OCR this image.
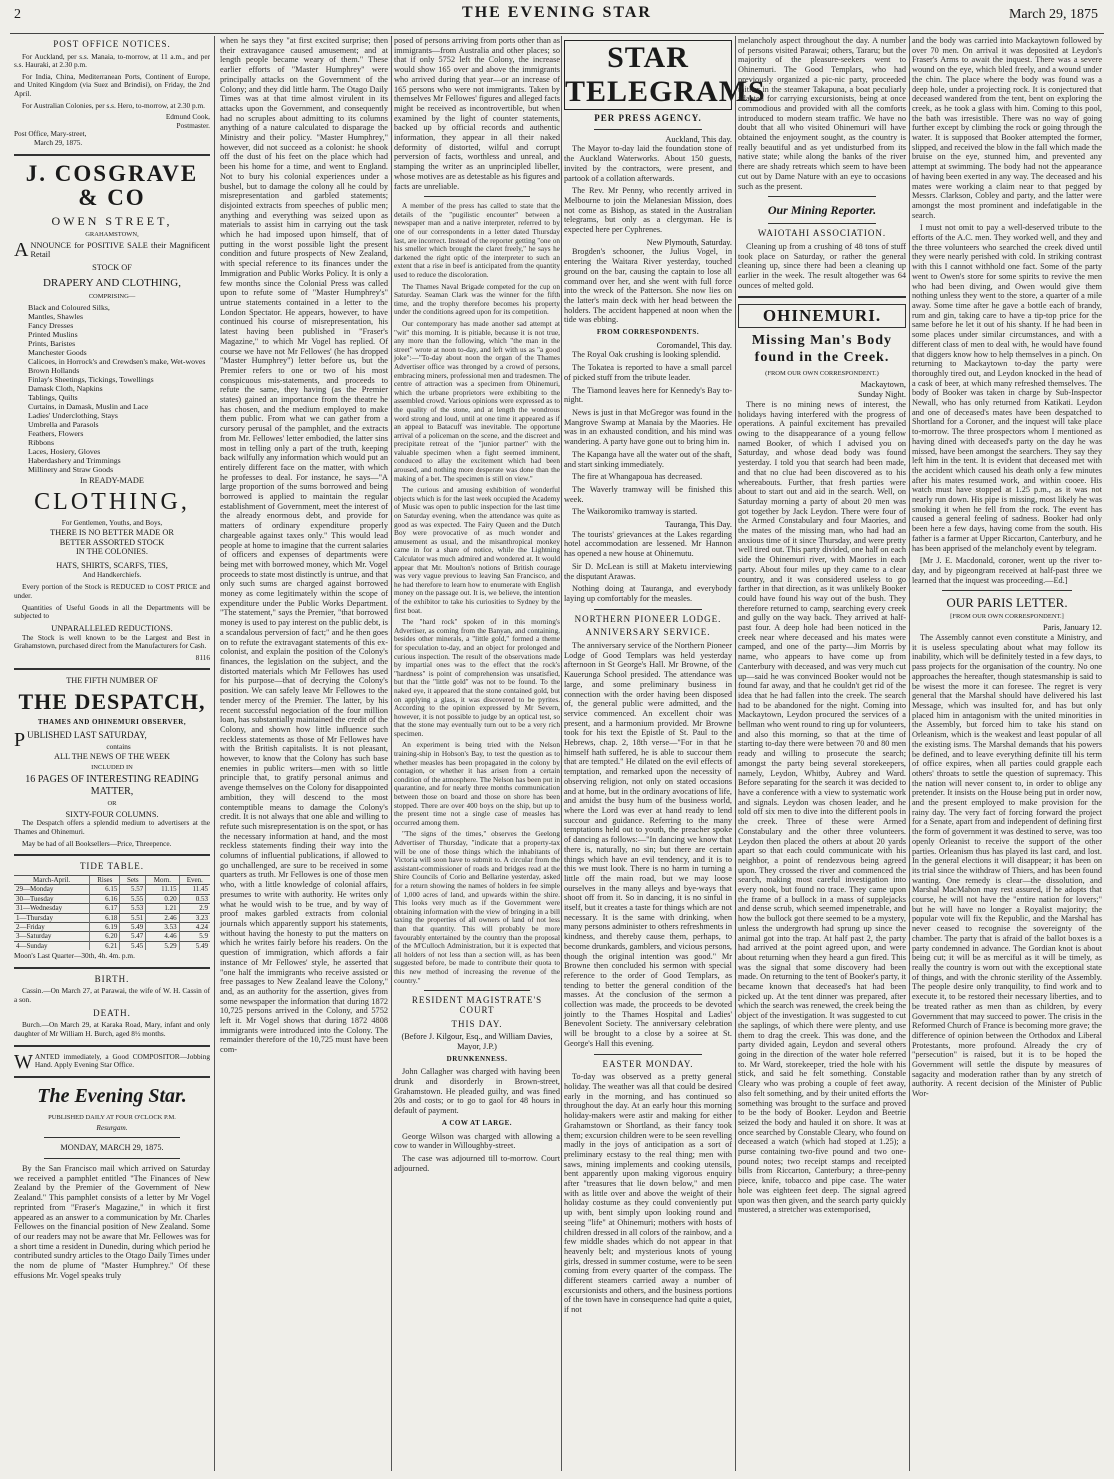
2	THE EVENING STAR	March 29, 1875
POST OFFICE NOTICES.

For Auckland, per s.s. Manaia, to-morrow, at 11 a.m., and per s.s. Hauraki, at 2.30 p.m.

For India, China, Mediterranean Ports, Continent of Europe, and United Kingdom (via Suez and Brindisi), on Friday, the 2nd April.

For Australian Colonies, per s.s. Hero, to-morrow, at 2.30 p.m.

Edmund Cook,
Postmaster.
Post Office, Mary-street,
March 29, 1875.
J. COSGRAVE & CO
OWEN STREET,
GRAHAMSTOWN,

ANNOUNCE for POSITIVE SALE their Magnificent Retail

STOCK OF
DRAPERY AND CLOTHING,
COMPRISING—
Black and Coloured Silks,
Mantles, Shawles
Fancy Dresses
Printed Muslins
Prints, Baristes
Manchester Goods
Calicoes, in Horrock's and Crewdsen's make, Wet-woves
Brown Hollands
Finlay's Sheetings, Tickings, Towellings
Damask Cloth, Napkins
Tablings, Quilts
Curtains, in Damask, Muslin and Lace
Ladies' Underclothing, Stays
Umbrella and Parasols
Feathers, Flowers
Ribbons
Laces, Hosiery, Gloves
Haberdashery and Trimmings
Millinery and Straw Goods
In READY-MADE
CLOTHING,
For Gentlemen, Youths, and Boys,
THERE IS NO BETTER MADE OR
BETTER ASSORTED STOCK
IN THE COLONIES.
HATS, SHIRTS, SCARFS, TIES,
And Handkerchiefs.

Every portion of the Stock is REDUCED to COST PRICE and under.

Quantities of Useful Goods in all the Departments will be subjected to

UNPARALLELED REDUCTIONS.

The Stock is well known to be the Largest and Best in Grahamstown, purchased direct from the Manufacturers for Cash.

8116
THE FIFTH NUMBER OF
THE DESPATCH,
THAMES AND OHINEMURI OBSERVER,

PUBLISHED LAST SATURDAY,

contains
ALL THE NEWS OF THE WEEK
INCLUDED IN
16 PAGES OF INTERESTING READING MATTER,
OR
SIXTY-FOUR COLUMNS.

The Despatch offers a splendid medium to advertisers at the Thames and Ohinemuri.

May be had of all Booksellers—Price, Threepence.

TIDE TABLE.
March-April.	Rises	Sets	Morn.	Even.
29—Monday	6.15	5.57	11.15	11.45
30—Tuesday	6.16	5.55	0.20	0.53
31—Wednesday	6.17	5.53	1.21	2.9
1—Thursday	6.18	5.51	2.46	3.23
2—Friday	6.19	5.49	3.53	4.24
3—Saturday	6.20	5.47	4.46	5.9
4—Sunday	6.21	5.45	5.29	5.49
Moon's Last Quarter—30th, 4h. 4m. p.m.
BIRTH.

Cassin.—On March 27, at Parawai, the wife of W. H. Cassin of a son.

DEATH.

Burch.—On March 29, at Karaka Road, Mary, infant and only daughter of Mr William H. Burch, aged 8½ months.

WANTED immediately, a Good COMPOSITOR—Jobbing Hand. Apply Evening Star Office.

The Evening Star.
PUBLISHED DAILY AT FOUR O'CLOCK P.M.
Resurgam.
MONDAY, MARCH 29, 1875.

By the San Francisco mail which arrived on Saturday we received a pamphlet entitled "The Finances of New Zealand by the Premier of the Government of New Zealand." This pamphlet consists of a letter by Mr Vogel reprinted from "Fraser's Magazine," in which it first appeared as an answer to a communication by Mr. Charles Fellowes on the financial position of New Zealand. Some of our readers may not be aware that Mr. Fellowes was for a short time a resident in Dunedin, during which period he contributed sundry articles to the Otago Daily Times under the nom de plume of "Master Humphrey." Of these effusions Mr. Vogel speaks truly

when he says they "at first excited surprise; then their extravagance caused amusement; and at length people became weary of them." These earlier efforts of "Master Humphrey" were principally attacks on the Government of the Colony; and they did little harm. The Otago Daily Times was at that time almost virulent in its attacks upon the Government, and consequently had no scruples about admitting to its columns anything of a nature calculated to disparage the Ministry and their policy. "Master Humphrey," however, did not succeed as a colonist: he shook off the dust of his feet on the place which had been his home for a time, and went to England. Not to bury his colonial experiences under a bushel, but to damage the colony all he could by misrepresentation and garbled statements; disjointed extracts from speeches of public men; anything and everything was seized upon as materials to assist him in carrying out the task which he had imposed upon himself, that of putting in the worst possible light the present condition and future prospects of New Zealand, with special reference to its finances under the Immigration and Public Works Policy. It is only a few months since the Colonial Press was called upon to refute some of "Master Humphrey's" untrue statements contained in a letter to the London Spectator. He appears, however, to have continued his course of misrepresentation, his latest having been published in "Fraser's Magazine," to which Mr Vogel has replied. Of course we have not Mr Fellowes' (he has dropped "Master Humphrey") letter before us, but the Premier refers to one or two of his most conspicuous mis-statements, and proceeds to refute the same, they having (as the Premier states) gained an importance from the theatre he has chosen, and the medium employed to make them public. From what we can gather from a cursory perusal of the pamphlet, and the extracts from Mr. Fellowes' letter embodied, the latter sins most in telling only a part of the truth, keeping back wilfully any information which would put an entirely different face on the matter, with which he professes to deal. For instance, he says—"A large proportion of the sums borrowed and being borrowed is applied to maintain the regular establishment of Government, meet the interest of the already enormous debt, and provide for matters of ordinary expenditure properly chargeable against taxes only." This would lead people at home to imagine that the current salaries of officers and expenses of departments were being met with borrowed money, which Mr. Vogel proceeds to state most distinctly is untrue, and that only such sums are charged against borrowed money as come legitimately within the scope of expenditure under the Public Works Department. "The statement," says the Premier, "that borrowed money is used to pay interest on the public debt, is a scandalous perversion of fact;" and he then goes on to refute the extravagant statements of this ex-colonist, and explain the position of the Colony's finances, the legislation on the subject, and the distorted materials which Mr Fellowes has used for his purpose—that of decrying the Colony's position. We can safely leave Mr Fellowes to the tender mercy of the Premier. The latter, by his recent successful negociation of the four million loan, has substantially maintained the credit of the Colony, and shown how little influence such reckless statements as those of Mr Fellowes have with the British capitalists. It is not pleasant, however, to know that the Colony has such base enemies in public writers—men with so little principle that, to gratify personal animus and avenge themselves on the Colony for disappointed ambition, they will descend to the most contemptible means to damage the Colony's credit. It is not always that one able and willing to refute such misrepresentation is on the spot, or has the necessary information at hand, and the most reckless statements finding their way into the columns of influential publications, if allowed to go unchallenged, are sure to be received in some quarters as truth. Mr Fellowes is one of those men who, with a little knowledge of colonial affairs, presumes to write with authority. He writes only what he would wish to be true, and by way of proof makes garbled extracts from colonial journals which apparently support his statements, without having the honesty to put the matters on which he writes fairly before his readers. On the question of immigration, which affords a fair instance of Mr Fellowes' style, he asserted that "one half the immigrants who receive assisted or free passages to New Zealand leave the Colony," and, as an authority for the assertion, gives from some newspaper the information that during 1872 10,725 persons arrived in the Colony, and 5752 left it. Mr Vogel shows that during 1872 4808 immigrants were introduced into the Colony. The remainder therefore of the 10,725 must have been com-

posed of persons arriving from ports other than as immigrants—from Australia and other places; so that if only 5752 left the Colony, the increase would show 165 over and above the immigrants who arrived during that year—or an increase of 165 persons who were not immigrants. Taken by themselves Mr Fellowes' figures and alleged facts might be received as incontrovertible, but when examined by the light of counter statements, backed up by official records and authentic information, they appear in all their naked deformity of distorted, wilful and corrupt perversion of facts, worthless and unreal, and stamping the writer as an unprincipled libeller, whose motives are as detestable as his figures and facts are unreliable.

A member of the press has called to state that the details of the "pugilistic encounter" between a newspaper man and a native interpreter, referred to by one of our correspondents in a letter dated Thursday last, are incorrect. Instead of the reporter getting "one on his smeller which brought the claret freely," he says he darkened the right optic of the interpreter to such an extent that a rise in beef is anticipated from the quantity used to reduce the discoloration.

The Thames Naval Brigade competed for the cup on Saturday. Seaman Clark was the winner for the fifth time, and the trophy therefore becomes his property under the conditions agreed upon for its competition.

Our contemporary has made another sad attempt at "wit" this morning. It is pitiable, because it is not true, any more than the following, which "the man in the street" wrote at noon to-day, and left with us as "a good joke":—"To-day about noon the organ of the Thames Advertiser office was thronged by a crowd of persons, embracing miners, professional men and tradesmen. The centre of attraction was a specimen from Ohinemuri, which the urbane proprietors were exhibiting to the assembled crowd. Various opinions were expressed as to the quality of the stone, and at length the wondrous word strong and loud, until at one time it appeared as if an appeal to Batacuff was inevitable. The opportune arrival of a policeman on the scene, and the discreet and precipitate retreat of the "junior partner" with the valuable specimen when a fight seemed imminent, conduced to allay the excitement which had been aroused, and nothing more desperate was done than the making of a bet. The specimen is still on view."

The curious and amusing exhibition of wonderful objects which is for the last week occupied the Academy of Music was open to public inspection for the last time on Saturday evening, when the attendance was quite as good as was expected. The Fairy Queen and the Dutch Boy were provocative of as much wonder and amusement as usual, and the misanthropical monkey came in for a share of notice, while the Lightning Calculator was much admired and wondered at. It would appear that Mr. Moulton's notions of British courage was very vague previous to leaving San Francisco, and he had therefore to learn how to enumerate with English money on the passage out. It is, we believe, the intention of the exhibitor to take his curiosities to Sydney by the first boat.

The "hard rock" spoken of in this morning's Advertiser, as coming from the Banyan, and containing, besides other minerals, a "little gold," formed a theme for speculation to-day, and an object for prolonged and curious inspection. The result of the observations made by impartial ones was to the effect that the rock's "hardness" is point of comprehension was unsatisfied, but that the "little gold" was not to be found. To the naked eye, it appeared that the stone contained gold, but on applying a glass, it was discovered to be pyrites. According to the opinion expressed by Mr Severn, however, it is not possible to judge by an optical test, so that the stone may eventually turn out to be a very rich specimen.

An experiment is being tried with the Nelson training-ship in Hobson's Bay, to test the question as to whether measles has been propagated in the colony by contagion, or whether it has arisen from a certain condition of the atmosphere. The Nelson has been put in quarantine, and for nearly three months communication between those on board and those on shore has been stopped. There are over 400 boys on the ship, but up to the present time not a single case of measles has occurred among them.

"The signs of the times," observes the Geelong Advertiser of Thursday, "indicate that a property-tax will be one of those things which the inhabitants of Victoria will soon have to submit to. A circular from the assistant-commissioner of roads and bridges read at the Shire Councils of Corio and Bellarine yesterday, asked for a return showing the names of holders in fee simple of 1,000 acres of land, and upwards within the shire. This looks very much as if the Government were obtaining information with the view of bringing in a bill taxing the properties of all owners of land of not less than that quantity. This will probably be more favourably entertained by the country than the proposal of the M'Culloch Administration, but it is expected that all holders of not less than a section will, as has been suggested before, be made to contribute their quota to this new method of increasing the revenue of the country."

RESIDENT MAGISTRATE'S COURT
THIS DAY.
(Before J. Kilgour, Esq., and William Davies, Mayor, J.P.)
DRUNKENNESS.

John Callagher was charged with having been drunk and disorderly in Brown-street, Grahamstown. He pleaded guilty, and was fined 20s and costs; or to go to gaol for 48 hours in default of payment.

A COW AT LARGE.

George Wilson was charged with allowing a cow to wander in Willoughby-street.

The case was adjourned till to-morrow. Court adjourned.

STAR TELEGRAMS
PER PRESS AGENCY.
Auckland, This day.

The Mayor to-day laid the foundation stone of the Auckland Waterworks. About 150 guests, invited by the contractors, were present, and partook of a collation afterwards.

The Rev. Mr Penny, who recently arrived in Melbourne to join the Melanesian Mission, does not come as Bishop, as stated in the Australian telegrams, but only as a clergyman. He is expected here per Cyphrenes.

New Plymouth, Saturday.

Brogden's schooner, the Julius Vogel, in entering the Waitara River yesterday, touched ground on the bar, causing the captain to lose all command over her, and she went with full force into the wreck of the Patterson. She now lies on the latter's main deck with her head between the holders. The accident happened at noon when the tide was ebbing.

FROM CORRESPONDENTS.
Coromandel, This day.

The Royal Oak crushing is looking splendid.

The Tokatea is reported to have a small parcel of picked stuff from the tribute leader.

The Tiamond leaves here for Kennedy's Bay to-night.

News is just in that McGregor was found in the Mangrove Swamp at Manaia by the Maories. He was in an exhausted condition, and his mind was wandering. A party have gone out to bring him in.

The Kapanga have all the water out of the shaft, and start sinking immediately.

The fire at Whangapoua has decreased.

The Waverly tramway will be finished this week.

The Waikoromiko tramway is started.

Tauranga, This Day.

The tourists' grievances at the Lakes regarding hotel accommodation are lessened. Mr Hannon has opened a new house at Ohinemutu.

Sir D. McLean is still at Maketu interviewing the disputant Arawas.

Nothing doing at Tauranga, and everybody laying up comfortably for the measles.

NORTHERN PIONEER LODGE.
ANNIVERSARY SERVICE.

The anniversary service of the Northern Pioneer Lodge of Good Templars was held yesterday afternoon in St George's Hall. Mr Browne, of the Kauerunga School presided. The attendance was large, and some preliminary business in connection with the order having been disposed of, the general public were admitted, and the service commenced. An excellent choir was present, and a harmonium provided. Mr Browne took for his text the Epistle of St. Paul to the Hebrews, chap. 2, 18th verse—"For in that he himself hath suffered, he is able to succour them that are tempted." He dilated on the evil effects of temptation, and remarked upon the necessity of observing religion, not only on stated occasions and at home, but in the ordinary avocations of life, and amidst the busy hum of the business world, where the Lord was ever at hand ready to lend succour and guidance. Referring to the many temptations held out to youth, the preacher spoke of dancing as follows:—"In dancing we know that there is, naturally, no sin; but there are certain things which have an evil tendency, and it is to this we must look. There is no harm in turning a little off the main road, but we may loose ourselves in the many alleys and bye-ways that shoot off from it. So in dancing, it is no sinful in itself, but it creates a taste for things which are not necessary. It is the same with drinking, when many persons administer to others refreshments in kindness, and thereby cause them, perhaps, to become drunkards, gamblers, and vicious persons, though the original intention was good." Mr Browne then concluded his sermon with special reference to the order of Good Templars, as tending to better the general condition of the masses. At the conclusion of the sermon a collection was made, the proceeds to be devoted jointly to the Thames Hospital and Ladies' Benevolent Society. The anniversary celebration will be brought to a close by a soiree at St. George's Hall this evening.

EASTER MONDAY.

To-day was observed as a pretty general holiday. The weather was all that could be desired early in the morning, and has continued so throughout the day. At an early hour this morning holiday-makers were astir and making for either Grahamstown or Shortland, as their fancy took them; excursion children were to be seen revelling madly in the joys of anticipation as a sort of preliminary ecstasy to the real thing; men with saws, mining implements and cooking utensils, bent apparently upon making vigorous enquiry after "treasures that lie down below," and men with as little over and above the weight of their holiday costume as they could conveniently put up with, bent simply upon looking round and seeing "life" at Ohinemuri; mothers with hosts of children dressed in all colors of the rainbow, and a few middle shades which do not appear in that heavenly belt; and mysterious knots of young girls, dressed in summer costume, were to be seen coming from every quarter of the compass. The different steamers carried away a number of excursionists and others, and the business portions of the town have in consequence had quite a quiet, if not

melancholy aspect throughout the day. A number of persons visited Parawai; others, Tararu; but the majority of the pleasure-seekers went to Ohinemuri. The Good Templars, who had previously organized a pic-nic party, proceeded thither in the steamer Takapuna, a boat peculiarly adapted for carrying excursionists, being at once commodious and provided with all the comforts introduced to modern steam traffic. We have no doubt that all who visited Ohinemuri will have obtained the enjoyment sought, as the country is really beautiful and as yet undisturbed from its native state; while along the banks of the river there are shady retreats which seem to have been cut out by Dame Nature with an eye to occasions such as the present.

Our Mining Reporter.
WAIOTAHI ASSOCIATION.

Cleaning up from a crushing of 48 tons of stuff took place on Saturday, or rather the general cleaning up, since there had been a cleaning up earlier in the week. The result altogether was 64 ounces of melted gold.

OHINEMURI.
Missing Man's Body found in the Creek.
(FROM OUR OWN CORRESPONDENT.)
Mackaytown,
Sunday Night.

There is no mining news of interest, the holidays having interfered with the progress of operations. A painful excitement has prevailed owing to the disappearance of a young fellow named Booker, of which I advised you on Saturday, and whose dead body was found yesterday. I told you that search had been made, and that no clue had been discovered as to his whereabouts. Further, that fresh parties were about to start out and aid in the search. Well, on Saturday morning a party of about 20 men was got together by Jack Leydon. There were four of the Armed Constabulary and four Maories, and the mates of the missing man, who had had an anxious time of it since Thursday, and were pretty well tired out. This party divided, one half on each side the Ohinemuri river, with Maories in each party. About four miles up they came to a clear country, and it was considered useless to go farther in that direction, as it was unlikely Booker could have found his way out of the bush. They therefore returned to camp, searching every creek and gully on the way back. They arrived at half-past four. A deep hole had been noticed in the creek near where deceased and his mates were camped, and one of the party—Jim Morris by name, who appears to have come up from Canterbury with deceased, and was very much cut up—said he was convinced Booker would not be found far away, and that he couldn't get rid of the idea that he had fallen into the creek. The search had to be abandoned for the night. Coming into Mackaytown, Leydon procured the services of a bellman who went round to ring up for volunteers, and also this morning, so that at the time of starting to-day there were between 70 and 80 men ready and willing to prosecute the search; amongst the party being several storekeepers, namely, Leydon, Whitby, Aubrey and Ward. Before separating for the search it was decided to have a conference with a view to systematic work and signals. Leydon was chosen leader, and he told off six men to dive into the different pools in the creek. Three of these were Armed Constabulary and the other three volunteers. Leydon then placed the others at about 20 yards apart so that each could communicate with his neighbor, a point of rendezvous being agreed upon. They crossed the river and commenced the search, making most careful investigation into every nook, but found no trace. They came upon the frame of a bullock in a mass of supplejacks and dense scrub, which seemed impenetrable, and how the bullock got there seemed to be a mystery, unless the undergrowth had sprung up since the animal got into the trap. At half past 2, the party had arrived at the point agreed upon, and were about returning when they heard a gun fired. This was the signal that some discovery had been made. On returning to the tent of Booker's party, it became known that deceased's hat had been picked up. At the tent dinner was prepared, after which the search was renewed, the creek being the object of the investigation. It was suggested to cut the saplings, of which there were plenty, and use them to drag the creek. This was done, and the party divided again, Leydon and several others going in the direction of the water hole referred to. Mr Ward, storekeeper, tried the hole with his stick, and said he felt something. Constable Cleary who was probing a couple of feet away, also felt something, and by their united efforts the something was brought to the surface and proved to be the body of Booker. Leydon and Beetrie seized the body and hauled it on shore. It was at once searched by Constable Cleary, who found on deceased a watch (which had stoped at 1.25); a purse containing two-five pound and two one-pound notes; two receipt stamps and receipted bills from Riccarton, Canterbury; a three-penny piece, knife, tobacco and pipe case. The water hole was eighteen feet deep. The signal agreed upon was then given, and the search party quickly mustered, a stretcher was extemporised,

and the body was carried into Mackaytown followed by over 70 men. On arrival it was deposited at Leydon's Fraser's Arms to await the inquest. There was a severe wound on the eye, which bled freely, and a wound under the chin. The place where the body was found was a deep hole, under a projecting rock. It is conjectured that deceased wandered from the tent, bent on exploring the creek, as he took a glass with him. Coming to this pool, the bath was irresistible. There was no way of going further except by climbing the rock or going through the water. It is supposed that Booker attempted the former, slipped, and received the blow in the fall which made the bruise on the eye, stunned him, and prevented any attempt at swimming. The body had not the appearance of having been exerted in any way. The deceased and his mates were working a claim near to that pegged by Messrs. Clarkson, Cobley and party, and the latter were amongst the most prominent and indefatigable in the search.

I must not omit to pay a well-deserved tribute to the efforts of the A.C. men. They worked well, and they and the three volunteers who searched the creek dived until they were nearly perished with cold. In striking contrast with this I cannot withhold one fact. Some of the party went to Owen's store for some spirits to revive the men who had been diving, and Owen would give them nothing unless they went to the store, a quarter of a mile away. Some time after he gave a bottle each of brandy, rum and gin, taking care to have a tip-top price for the same before he let it out of his shanty. If he had been in some places under similar circumstances, and with a different class of men to deal with, he would have found that diggers know how to help themselves in a pinch. On returning to Mackaytown to-day the party were thoroughly tired out, and Leydon knocked in the head of a cask of beer, at which many refreshed themselves. The body of Booker was taken in charge by Sub-Inspector Newall, who has only returned from Katikati. Leydon and one of deceased's mates have been despatched to Shortland for a Coroner, and the inquest will take place to-morrow. The three prospectors whom I mentioned as having dined with deceased's party on the day he was missed, have been amongst the searchers. They say they left him in the tent. It is evident that deceased met with the accident which caused his death only a few minutes after his mates resumed work, and within cooee. His watch must have stopped at 1.25 p.m., as it was not nearly run down. His pipe is missing, most likely he was smoking it when he fell from the rock. The event has caused a general feeling of sadness. Booker had only been here a few days, having come from the south. His father is a farmer at Upper Riccarton, Canterbury, and he has been apprised of the melancholy event by telegram.

[Mr J. E. Macdonald, coroner, went up the river to-day, and by pigeongram received at half-past three we learned that the inquest was proceeding.—Ed.]

OUR PARIS LETTER.
[FROM OUR OWN CORRESPONDENT.]
Paris, January 12.

The Assembly cannot even constitute a Ministry, and it is useless speculating about what may follow its inability, which will be definitely tested in a few days, to pass projects for the organisation of the country. No one approaches the hereafter, though statesmanship is said to be wisest the more it can foresee. The regret is very general that the Marshal should have delivered his last Message, which was insulted for, and has but only placed him in antagonism with the united minorities in the Assembly, but forced him to take his stand on Orleanism, which is the weakest and least popular of all the existing isms. The Marshal demands that his powers be defined, and to leave everything definite till his term of office expires, when all parties could grapple each others' throats to settle the question of supremacy. This the nation will never consent to, in order to oblige any pretender. It insists on the House being put in order now, and the present employed to make provision for the rainy day. The very fact of forcing forward the project for a Senate, apart from and independent of defining first the form of government it was destined to serve, was too openly Orleanist to receive the support of the other parties. Orleanism thus has played its last card, and lost. In the general elections it will disappear; it has been on its trial since the withdraw of Thiers, and has been found wanting. One remedy is clear—the dissolution, and Marshal MacMahon may rest assured, if he adopts that course, he will not have the "entire nation for lovers;" but he will have no longer a Royalist majority; the popular vote will fix the Republic, and the Marshal has never ceased to recognise the sovereignty of the chamber. The party that is afraid of the ballot boxes is a party condemned in advance. The Gordian knot is about being cut; it will be as merciful as it will be timely, as really the country is worn out with the exceptional state of things, and with the chronic sterility of the Assembly. The people desire only tranquility, to find work and to execute it, to be restored their necessary liberties, and to be treated rather as men than as children, by every Government that may succeed to power. The crisis in the Reformed Church of France is becoming more grave; the difference of opinion between the Orthodox and Liberal Protestants, more profound. Already the cry of "persecution" is raised, but it is to be hoped the Government will settle the dispute by measures of sagacity and moderation rather than by any stretch of authority. A recent decision of the Minister of Public Wor-
